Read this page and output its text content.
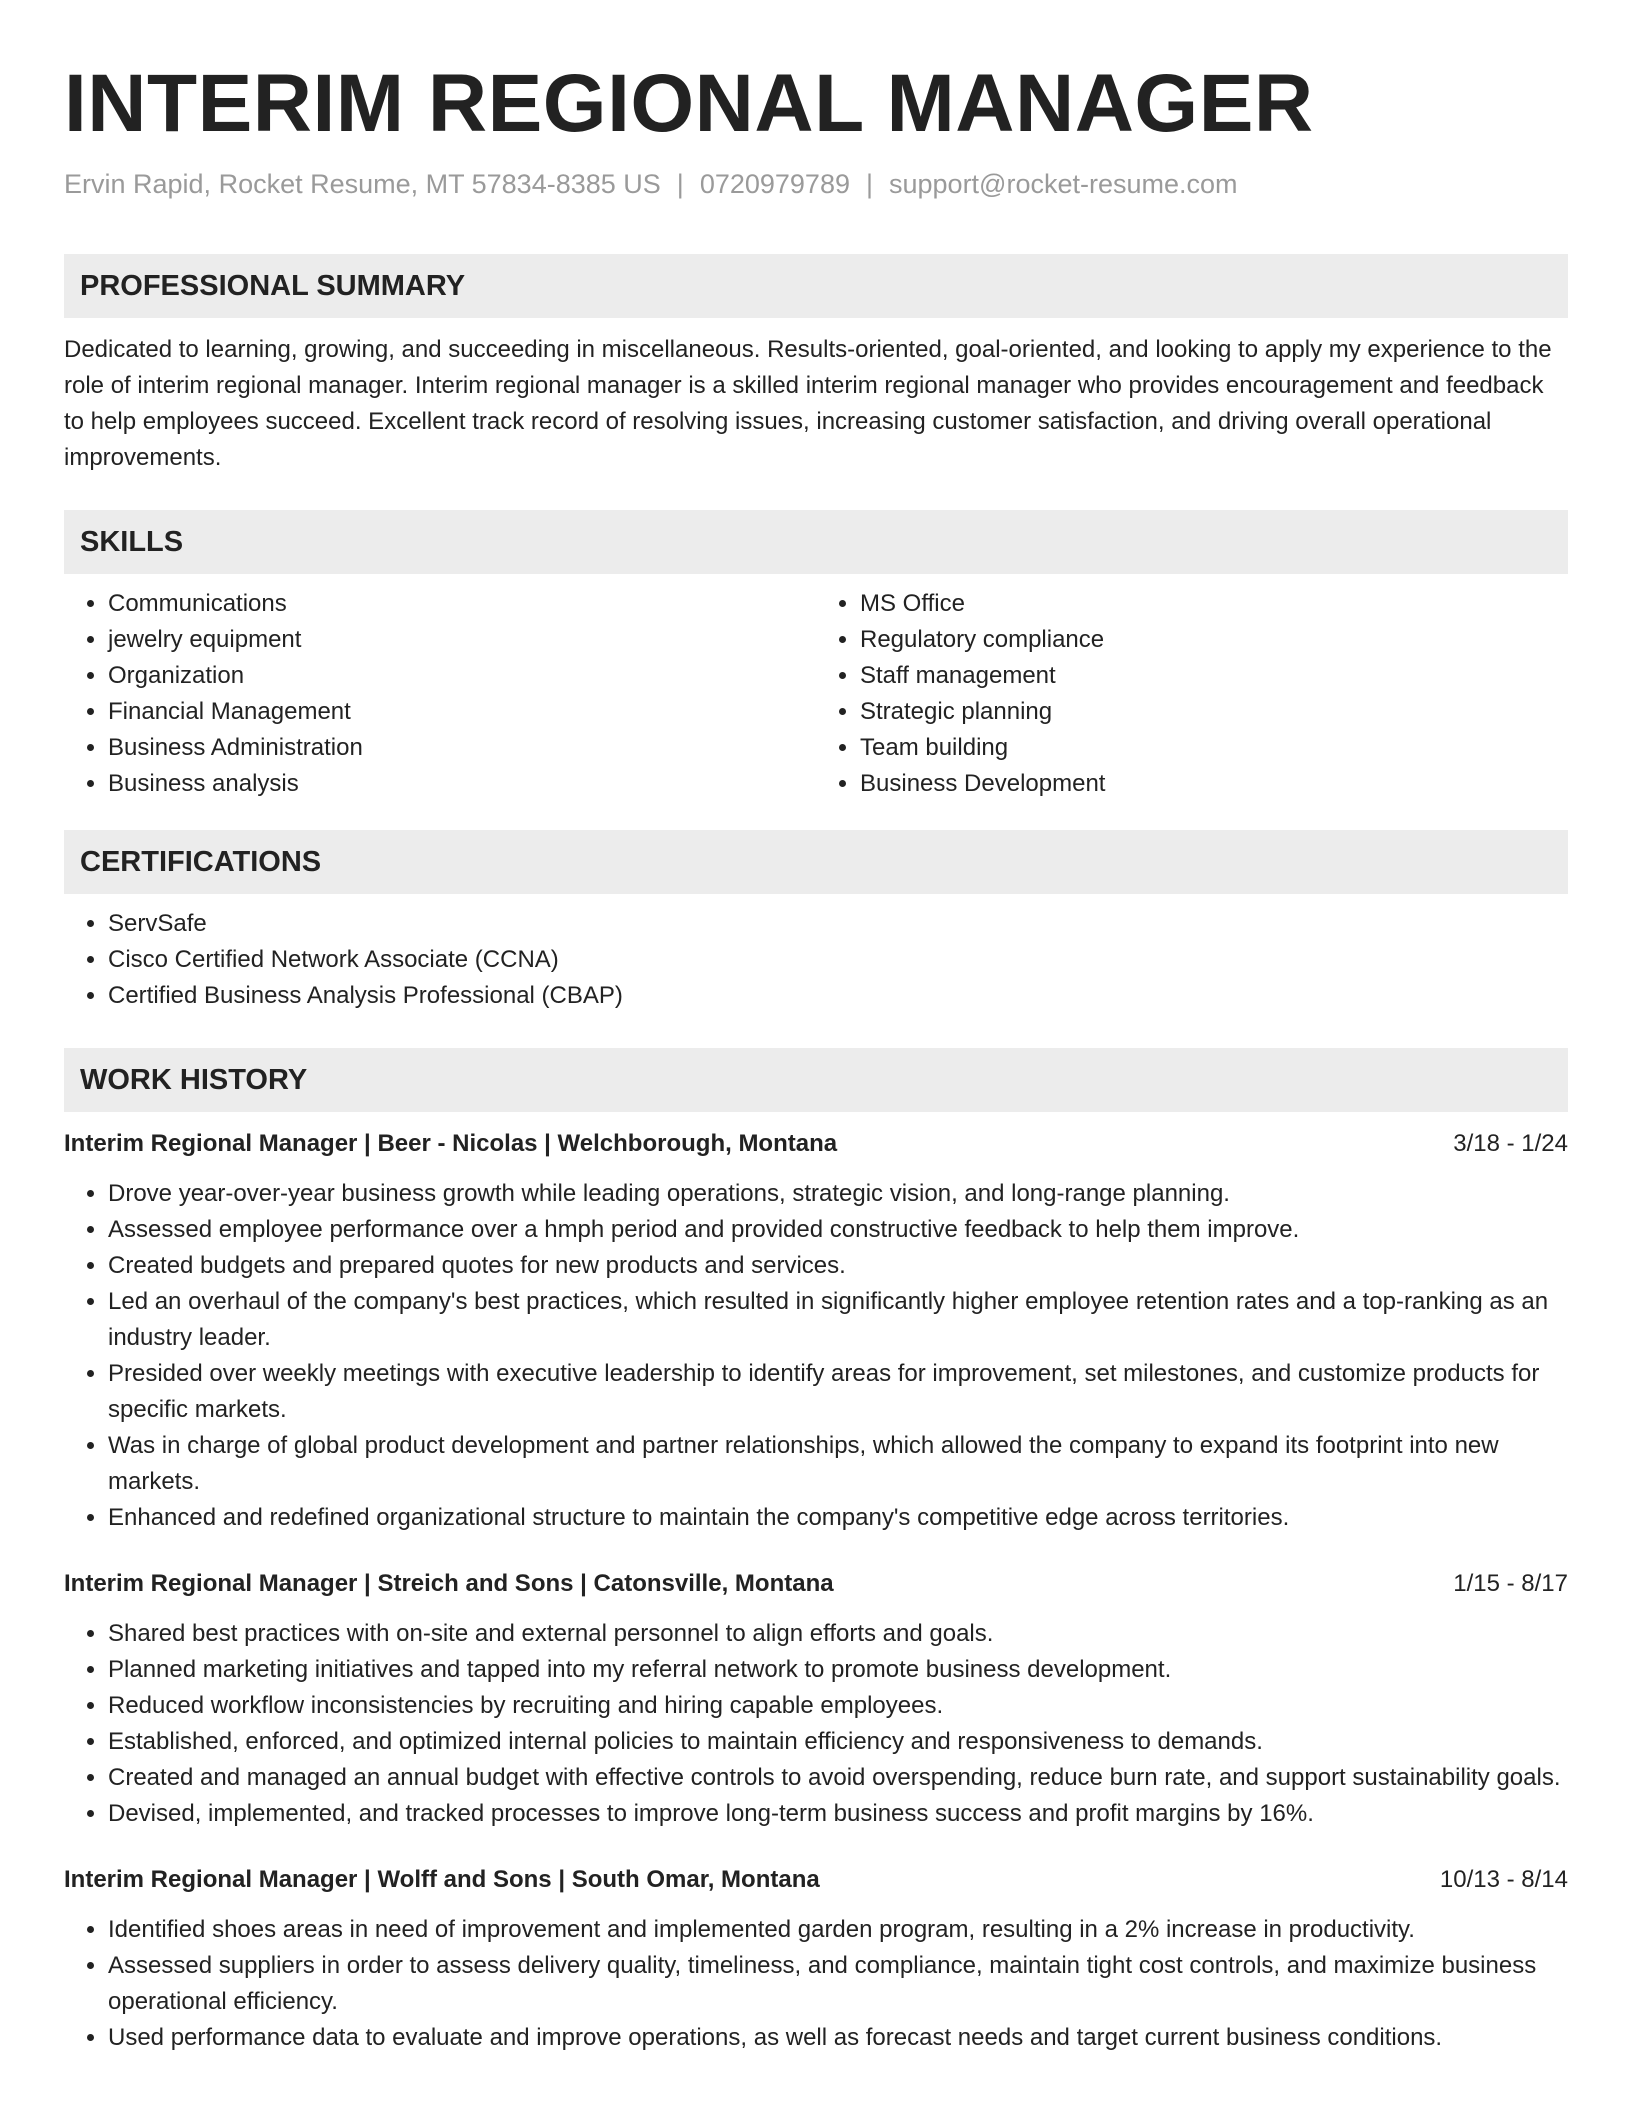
INTERIM REGIONAL MANAGER
Ervin Rapid, Rocket Resume, MT 57834-8385 US | 0720979789 | support@rocket-resume.com
PROFESSIONAL SUMMARY

Dedicated to learning, growing, and succeeding in miscellaneous. Results-oriented, goal-oriented, and looking to apply my experience to the role of interim regional manager. Interim regional manager is a skilled interim regional manager who provides encouragement and feedback to help employees succeed. Excellent track record of resolving issues, increasing customer satisfaction, and driving overall operational improvements.

SKILLS
• Communications
• jewelry equipment
• Organization
• Financial Management
• Business Administration
• Business analysis
• MS Office
• Regulatory compliance
• Staff management
• Strategic planning
• Team building
• Business Development
CERTIFICATIONS
• ServSafe
• Cisco Certified Network Associate (CCNA)
• Certified Business Analysis Professional (CBAP)
WORK HISTORY
Interim Regional Manager | Beer - Nicolas | Welchborough, Montana	3/18 - 1/24
• Drove year-over-year business growth while leading operations, strategic vision, and long-range planning.
• Assessed employee performance over a hmph period and provided constructive feedback to help them improve.
• Created budgets and prepared quotes for new products and services.
• Led an overhaul of the company's best practices, which resulted in significantly higher employee retention rates and a top-ranking as an industry leader.
• Presided over weekly meetings with executive leadership to identify areas for improvement, set milestones, and customize products for specific markets.
• Was in charge of global product development and partner relationships, which allowed the company to expand its footprint into new markets.
• Enhanced and redefined organizational structure to maintain the company's competitive edge across territories.
Interim Regional Manager | Streich and Sons | Catonsville, Montana	1/15 - 8/17
• Shared best practices with on-site and external personnel to align efforts and goals.
• Planned marketing initiatives and tapped into my referral network to promote business development.
• Reduced workflow inconsistencies by recruiting and hiring capable employees.
• Established, enforced, and optimized internal policies to maintain efficiency and responsiveness to demands.
• Created and managed an annual budget with effective controls to avoid overspending, reduce burn rate, and support sustainability goals.
• Devised, implemented, and tracked processes to improve long-term business success and profit margins by 16%.
Interim Regional Manager | Wolff and Sons | South Omar, Montana	10/13 - 8/14
• Identified shoes areas in need of improvement and implemented garden program, resulting in a 2% increase in productivity.
• Assessed suppliers in order to assess delivery quality, timeliness, and compliance, maintain tight cost controls, and maximize business operational efficiency.
• Used performance data to evaluate and improve operations, as well as forecast needs and target current business conditions.
